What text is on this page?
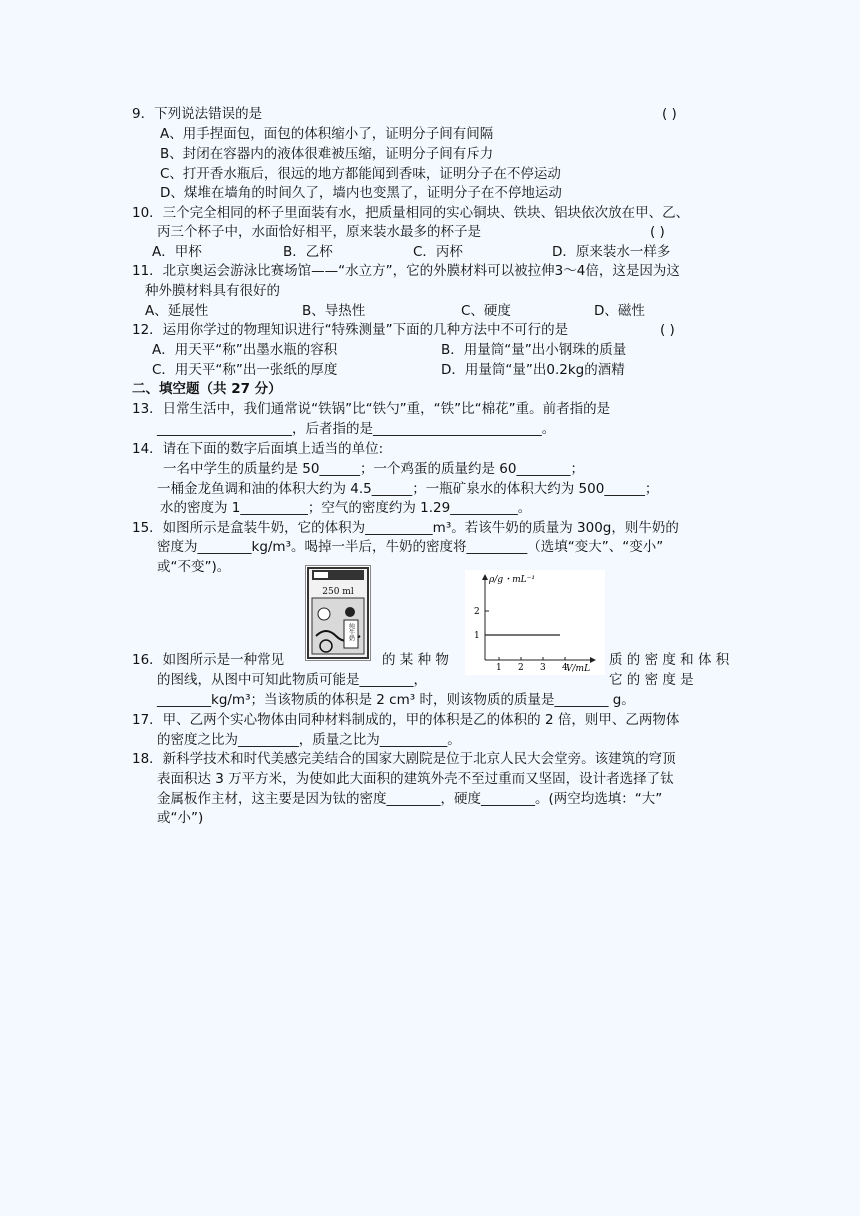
9．下列说法错误的是	( )
A、用手捏面包，面包的体积缩小了，证明分子间有间隔
B、封闭在容器内的液体很难被压缩，证明分子间有斥力
C、打开香水瓶后，很远的地方都能闻到香味，证明分子在不停运动
D、煤堆在墙角的时间久了，墙内也变黑了，证明分子在不停地运动
10．三个完全相同的杯子里面装有水，把质量相同的实心铜块、铁块、铝块依次放在甲、乙、
丙三个杯子中，水面恰好相平，原来装水最多的杯子是	( )
A．甲杯	B．乙杯	C．丙杯	D．原来装水一样多
11．北京奥运会游泳比赛场馆——“水立方”，它的外膜材料可以被拉伸3～4倍，这是因为这
种外膜材料具有很好的
A、延展性	B、导热性	C、硬度	D、磁性
12．运用你学过的物理知识进行“特殊测量”下面的几种方法中不可行的是	( )
A．用天平“称”出墨水瓶的容积	B．用量筒“量”出小钢珠的质量
C．用天平“称”出一张纸的厚度	D．用量筒“量”出0.2kg的酒精
二、填空题（共 27 分）
13．日常生活中，我们通常说“铁锅”比“铁勺”重，“铁”比“棉花”重。前者指的是
____________________，后者指的是_________________________。
14．请在下面的数字后面填上适当的单位:
一名中学生的质量约是 50______；一个鸡蛋的质量约是 60________；
一桶金龙鱼调和油的体积大约为 4.5______；一瓶矿泉水的体积大约为 500______；
水的密度为 1__________；空气的密度约为 1.29__________。
15．如图所示是盒装牛奶，它的体积为__________m³。若该牛奶的质量为 300g，则牛奶的
密度为________kg/m³。喝掉一半后，牛奶的密度将_________（选填“变大”、“变小”
或“不变”)。
250 ml
纯牛奶
ρ/g・mL⁻¹
V/mL
2
1
1 2 3 4
16．如图所示是一种常见	的 某 种 物	质 的 密 度 和 体 积
的图线，从图中可知此物质可能是________，	它 的 密 度 是
________kg/m³；当该物质的体积是 2 cm³ 时，则该物质的质量是________ g。
17．甲、乙两个实心物体由同种材料制成的，甲的体积是乙的体积的 2 倍，则甲、乙两物体
的密度之比为_________，质量之比为__________。
18．新科学技术和时代美感完美结合的国家大剧院是位于北京人民大会堂旁。该建筑的穹顶
表面积达 3 万平方米，为使如此大面积的建筑外壳不至过重而又坚固，设计者选择了钛
金属板作主材，这主要是因为钛的密度________，硬度________。(两空均选填：“大”
或“小”)
